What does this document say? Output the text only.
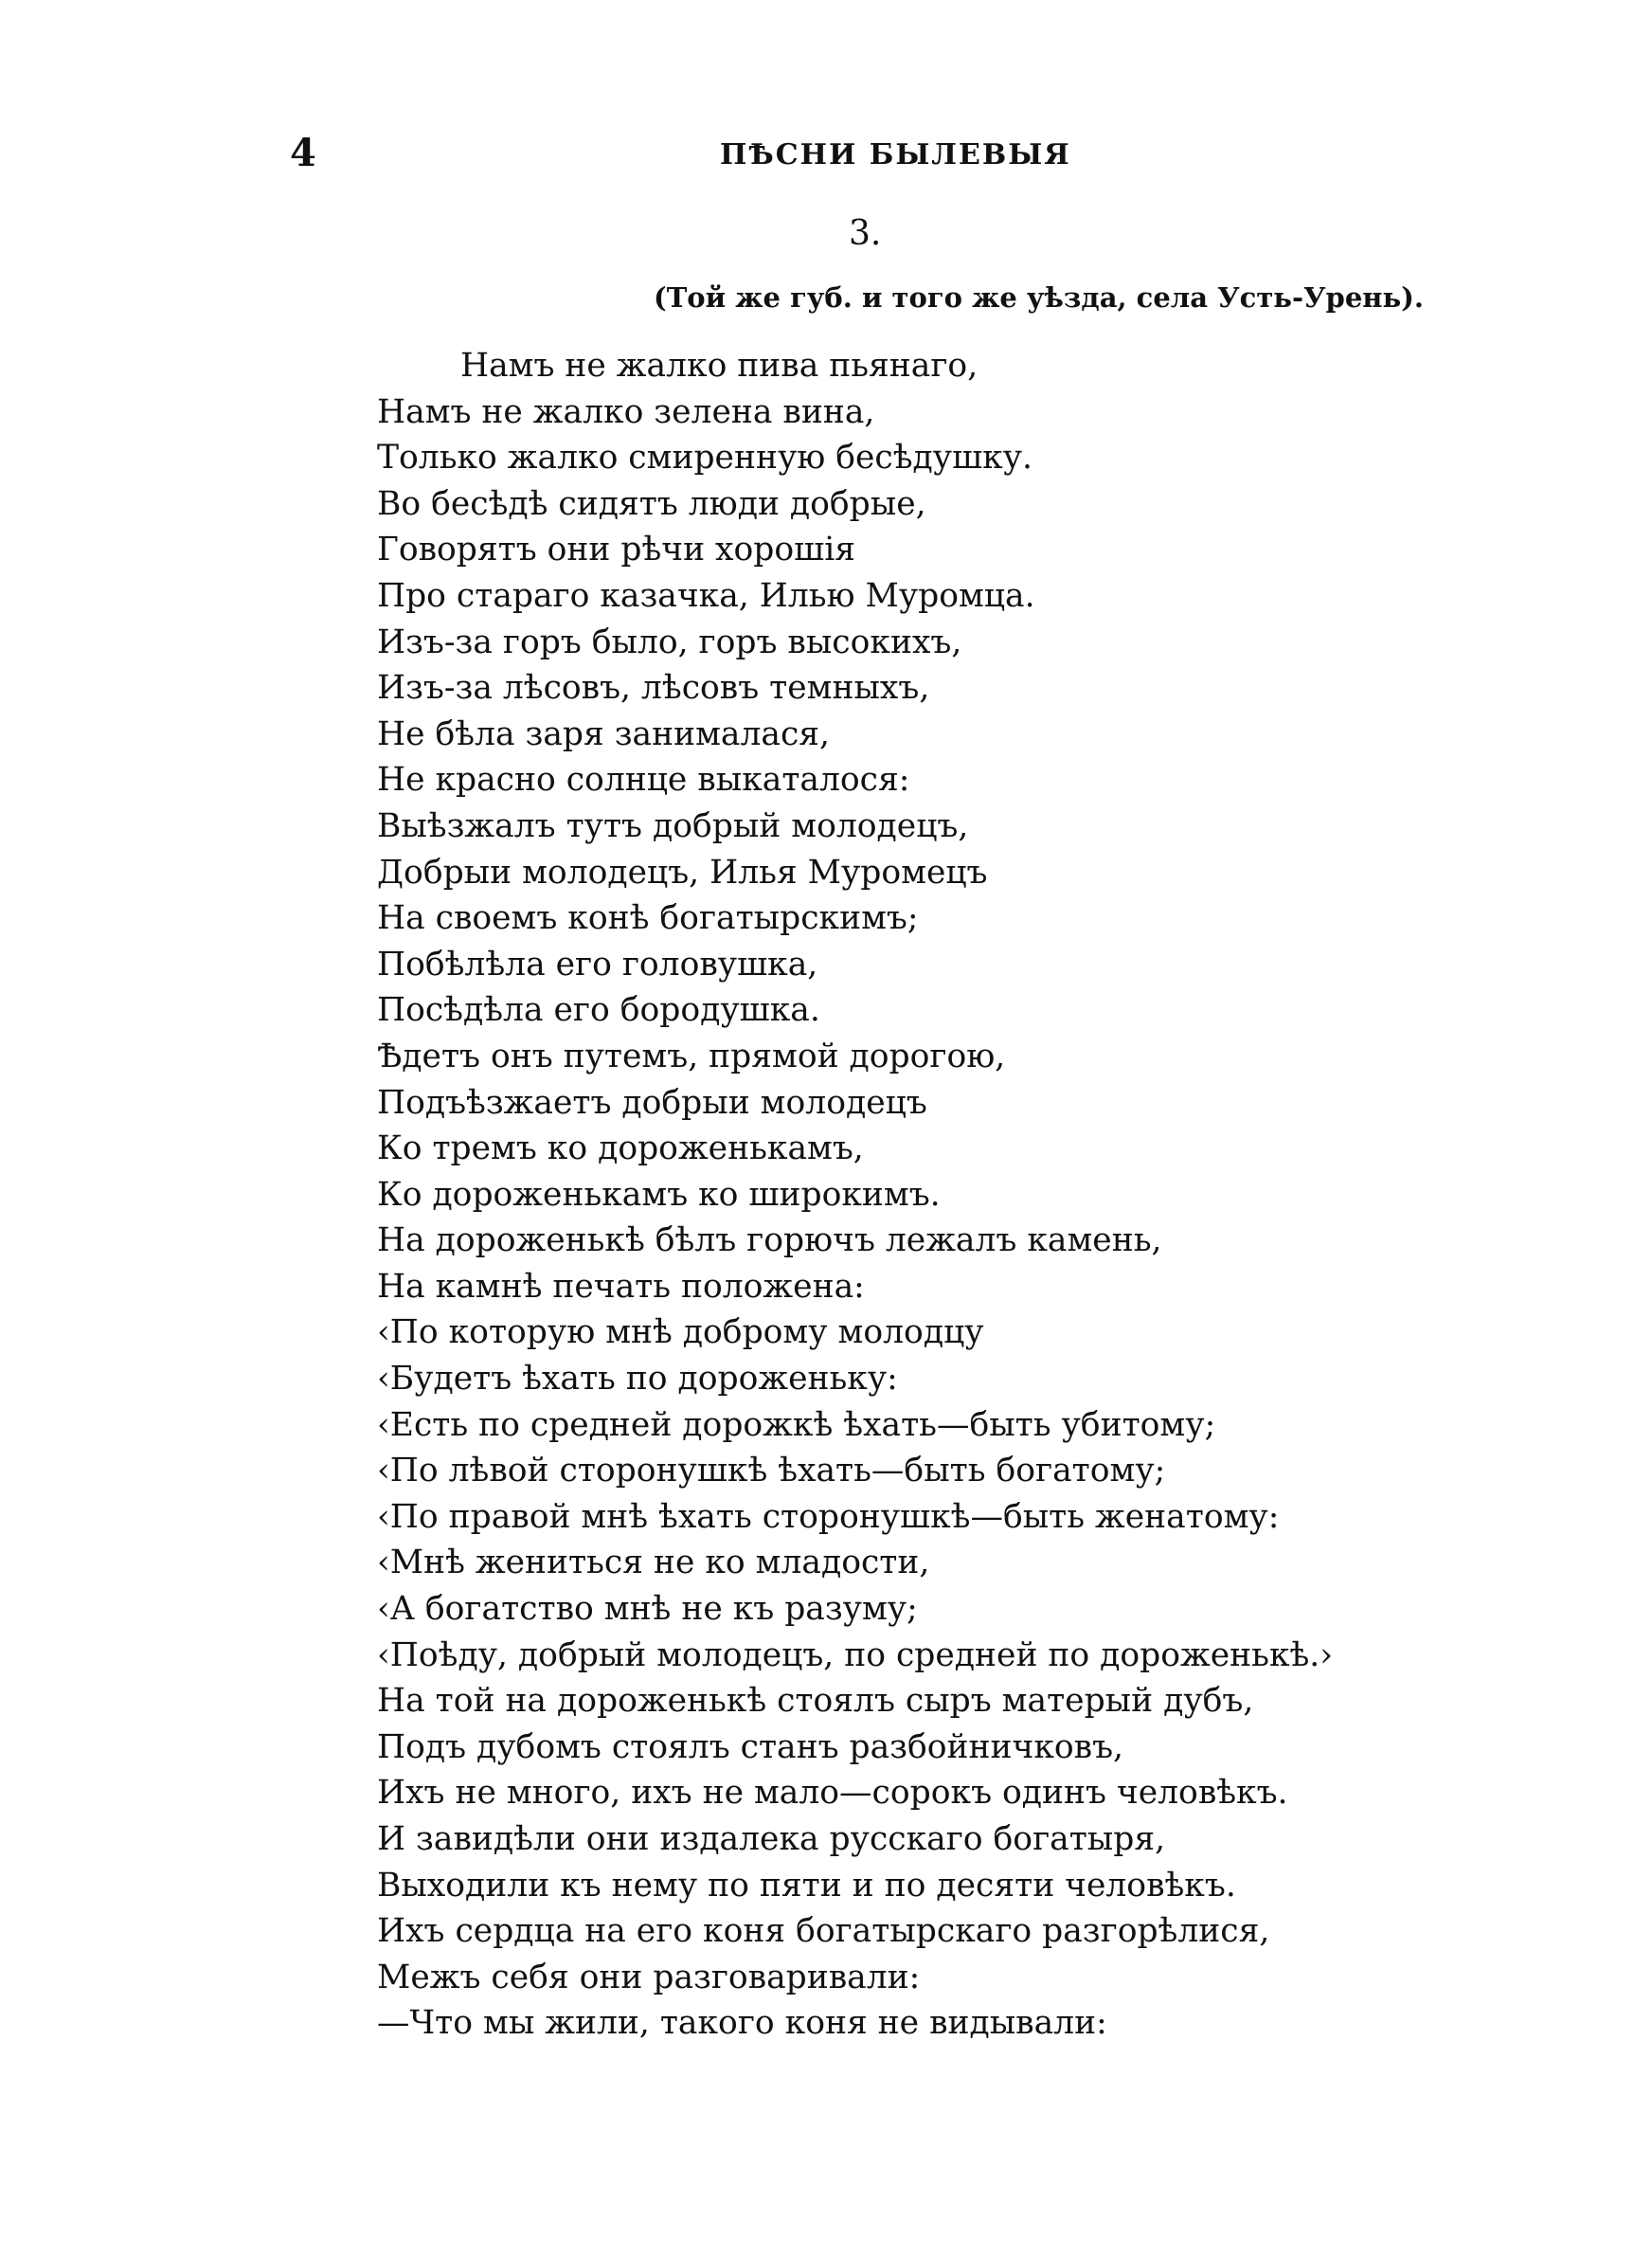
4	ПѢСНИ БЫЛЕВЫЯ
3.
(Той же губ. и того же уѣзда, села Усть-Урень).
Намъ не жалко пива пьянаго,
Намъ не жалко зелена вина,
Только жалко смиренную бесѣдушку.
Во бесѣдѣ сидятъ люди добрые,
Говорятъ они рѣчи хорошія
Про стараго казачка, Илью Муромца.
Изъ-за горъ было, горъ высокихъ,
Изъ-за лѣсовъ, лѣсовъ темныхъ,
Не бѣла заря занималася,
Не красно солнце выкаталося:
Выѣзжалъ тутъ добрый молодецъ,
Добрыи молодецъ, Илья Муромецъ
На своемъ конѣ богатырскимъ;
Побѣлѣла его головушка,
Посѣдѣла его бородушка.
Ѣдетъ онъ путемъ, прямой дорогою,
Подъѣзжаетъ добрыи молодецъ
Ко тремъ ко дороженькамъ,
Ко дороженькамъ ко широкимъ.
На дороженькѣ бѣлъ горючъ лежалъ камень,
На камнѣ печать положена:
‹По которую мнѣ доброму молодцу
‹Будетъ ѣхать по дороженьку:
‹Есть по средней дорожкѣ ѣхать—быть убитому;
‹По лѣвой сторонушкѣ ѣхать—быть богатому;
‹По правой мнѣ ѣхать сторонушкѣ—быть женатому:
‹Мнѣ жениться не ко младости,
‹А богатство мнѣ не къ разуму;
‹Поѣду, добрый молодецъ, по средней по дороженькѣ.›
На той на дороженькѣ стоялъ сыръ матерый дубъ,
Подъ дубомъ стоялъ станъ разбойничковъ,
Ихъ не много, ихъ не мало—сорокъ одинъ человѣкъ.
И завидѣли они издалека русскаго богатыря,
Выходили къ нему по пяти и по десяти человѣкъ.
Ихъ сердца на его коня богатырскаго разгорѣлися,
Межъ себя они разговаривали:
—Что мы жили, такого коня не видывали:
